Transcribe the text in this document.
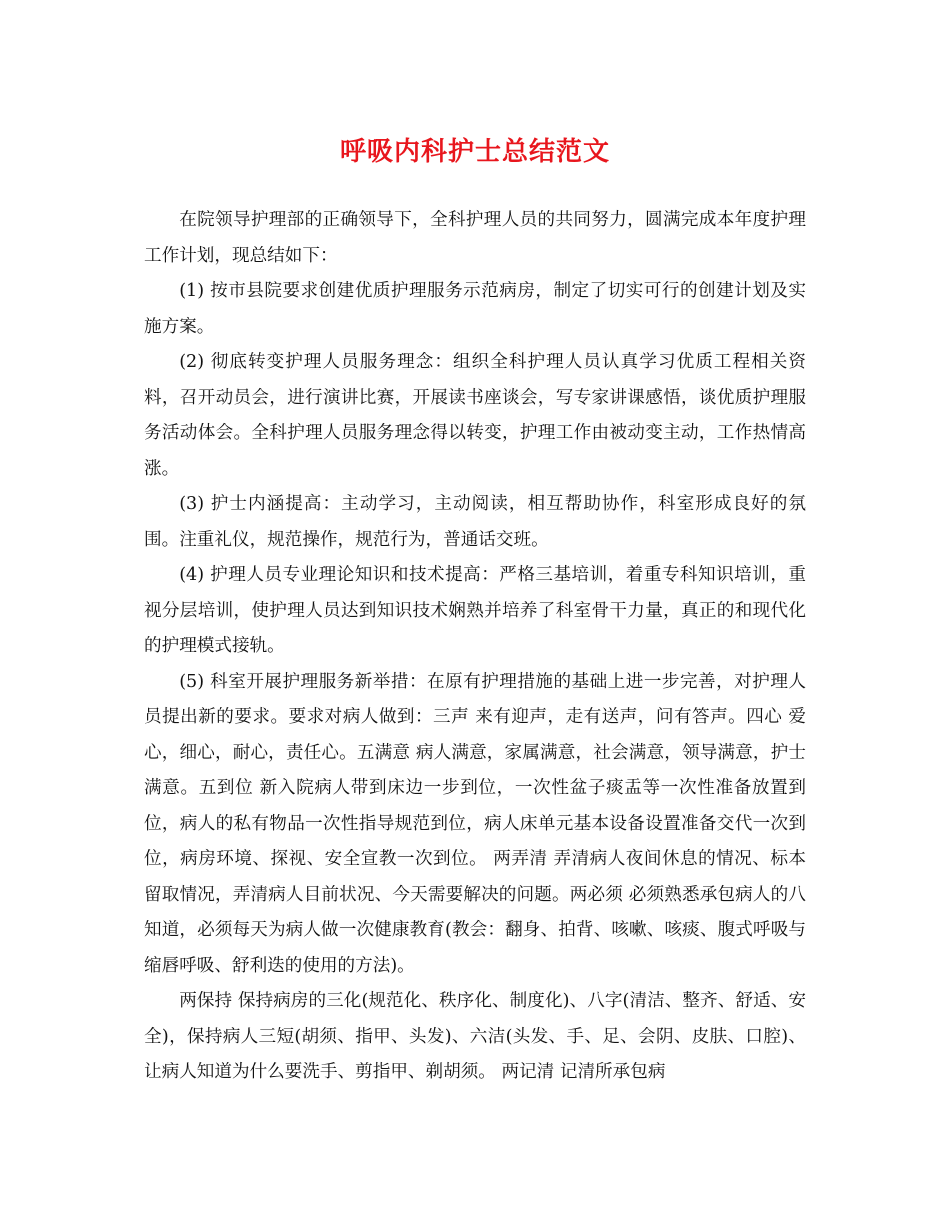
呼吸内科护士总结范文

在院领导护理部的正确领导下，全科护理人员的共同努力，圆满完成本年度护理工作计划，现总结如下：

(1) 按市县院要求创建优质护理服务示范病房，制定了切实可行的创建计划及实施方案。

(2) 彻底转变护理人员服务理念：组织全科护理人员认真学习优质工程相关资料，召开动员会，进行演讲比赛，开展读书座谈会，写专家讲课感悟，谈优质护理服务活动体会。全科护理人员服务理念得以转变，护理工作由被动变主动，工作热情高涨。

(3) 护士内涵提高：主动学习，主动阅读，相互帮助协作，科室形成良好的氛围。注重礼仪，规范操作，规范行为，普通话交班。

(4) 护理人员专业理论知识和技术提高：严格三基培训，着重专科知识培训，重视分层培训，使护理人员达到知识技术娴熟并培养了科室骨干力量，真正的和现代化的护理模式接轨。

(5) 科室开展护理服务新举措：在原有护理措施的基础上进一步完善，对护理人员提出新的要求。要求对病人做到：三声 来有迎声，走有送声，问有答声。四心 爱心，细心，耐心，责任心。五满意 病人满意，家属满意，社会满意，领导满意，护士满意。五到位 新入院病人带到床边一步到位，一次性盆子痰盂等一次性准备放置到位，病人的私有物品一次性指导规范到位，病人床单元基本设备设置准备交代一次到位，病房环境、探视、安全宣教一次到位。 两弄清 弄清病人夜间休息的情况、标本留取情况，弄清病人目前状况、今天需要解决的问题。两必须 必须熟悉承包病人的八知道，必须每天为病人做一次健康教育(教会：翻身、拍背、咳嗽、咳痰、腹式呼吸与缩唇呼吸、舒利迭的使用的方法)。

两保持 保持病房的三化(规范化、秩序化、制度化)、八字(清洁、整齐、舒适、安全)，保持病人三短(胡须、指甲、头发)、六洁(头发、手、足、会阴、皮肤、口腔)、让病人知道为什么要洗手、剪指甲、剃胡须。 两记清 记清所承包病
